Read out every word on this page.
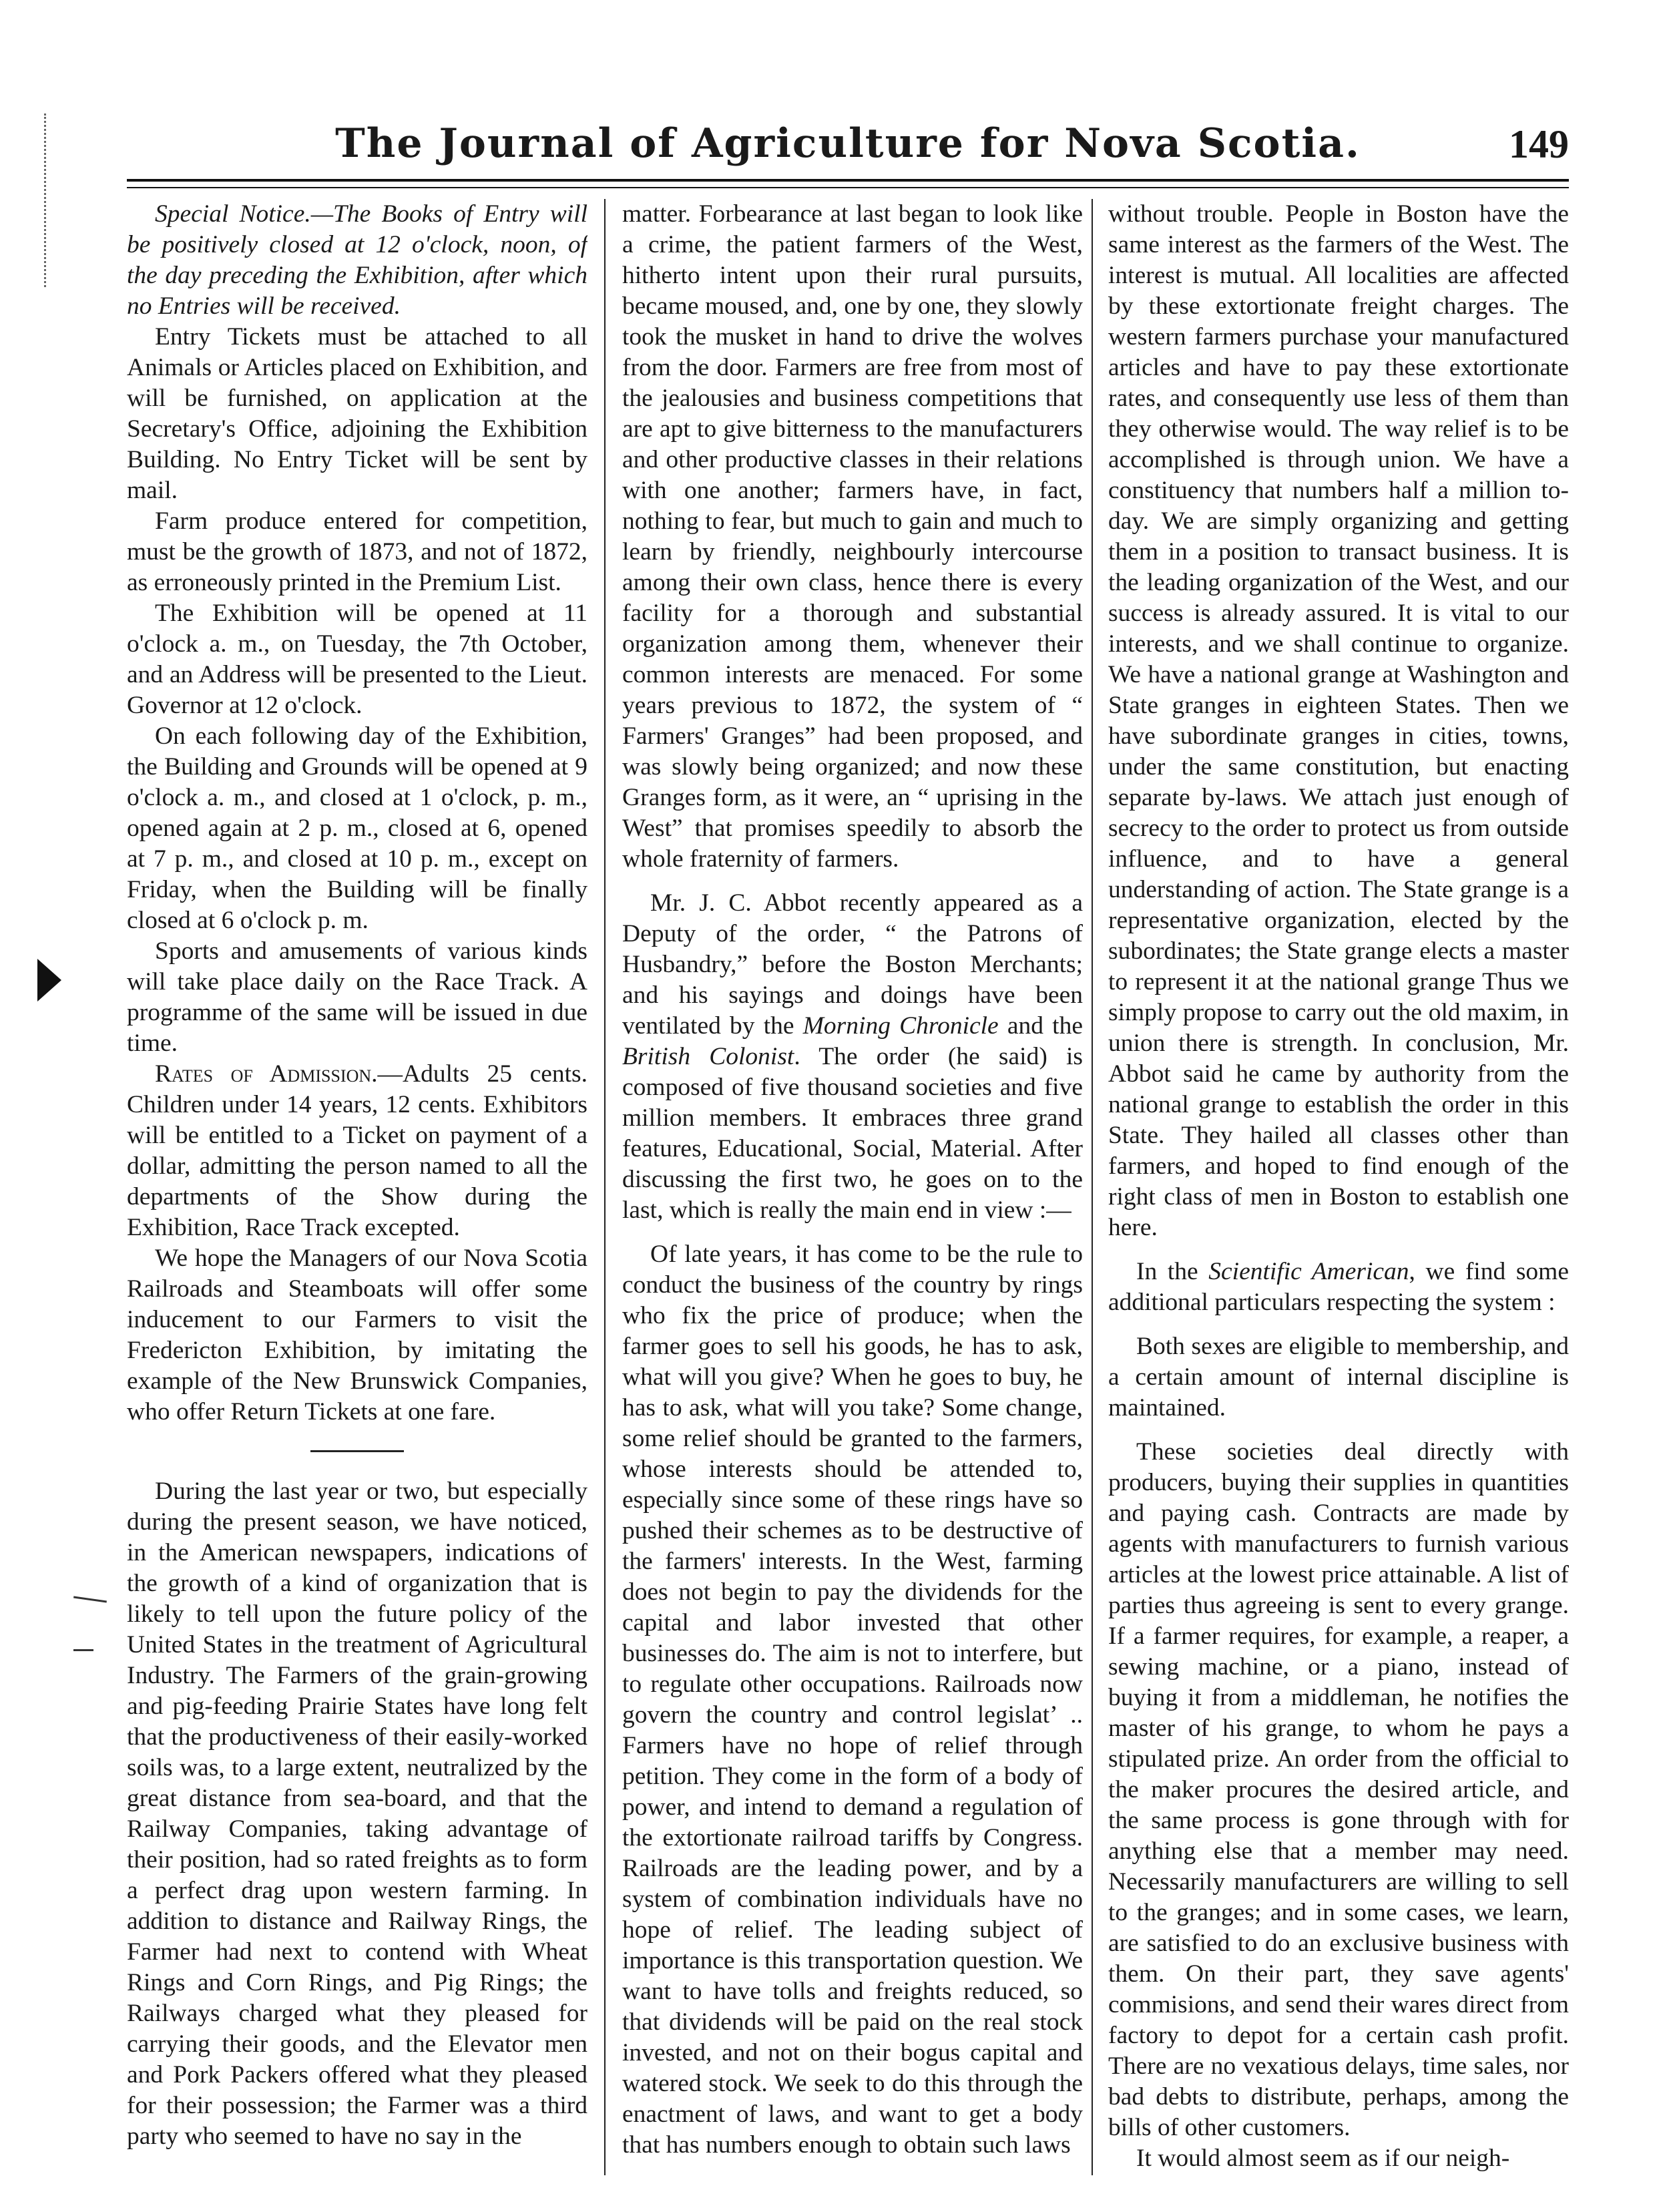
The Journal of Agriculture for Nova Scotia.	149

Special Notice.—The Books of Entry will be positively closed at 12 o'clock, noon, of the day preceding the Exhibition, after which no Entries will be received.

Entry Tickets must be attached to all Animals or Articles placed on Exhibition, and will be furnished, on application at the Secretary's Office, adjoining the Exhibition Building. No Entry Ticket will be sent by mail.

Farm produce entered for competition, must be the growth of 1873, and not of 1872, as erroneously printed in the Premium List.

The Exhibition will be opened at 11 o'clock a. m., on Tuesday, the 7th October, and an Address will be presented to the Lieut. Governor at 12 o'clock.

On each following day of the Exhibition, the Building and Grounds will be opened at 9 o'clock a. m., and closed at 1 o'clock, p. m., opened again at 2 p. m., closed at 6, opened at 7 p. m., and closed at 10 p. m., except on Friday, when the Building will be finally closed at 6 o'clock p. m.

Sports and amusements of various kinds will take place daily on the Race Track. A programme of the same will be issued in due time.

Rates of Admission.—Adults 25 cents. Children under 14 years, 12 cents. Exhibitors will be entitled to a Ticket on payment of a dollar, admitting the person named to all the departments of the Show during the Exhibition, Race Track excepted.

We hope the Managers of our Nova Scotia Railroads and Steamboats will offer some inducement to our Farmers to visit the Fredericton Exhibition, by imitating the example of the New Brunswick Companies, who offer Return Tickets at one fare.

During the last year or two, but especially during the present season, we have noticed, in the American newspapers, indications of the growth of a kind of organization that is likely to tell upon the future policy of the United States in the treatment of Agricultural Industry. The Farmers of the grain-growing and pig-feeding Prairie States have long felt that the productiveness of their easily-worked soils was, to a large extent, neutralized by the great distance from sea-board, and that the Railway Companies, taking advantage of their position, had so rated freights as to form a perfect drag upon western farming. In addition to distance and Railway Rings, the Farmer had next to contend with Wheat Rings and Corn Rings, and Pig Rings; the Railways charged what they pleased for carrying their goods, and the Elevator men and Pork Packers offered what they pleased for their possession; the Farmer was a third party who seemed to have no say in the

matter. Forbearance at last began to look like a crime, the patient farmers of the West, hitherto intent upon their rural pursuits, became moused, and, one by one, they slowly took the musket in hand to drive the wolves from the door. Farmers are free from most of the jealousies and business competitions that are apt to give bitterness to the manufacturers and other productive classes in their relations with one another; farmers have, in fact, nothing to fear, but much to gain and much to learn by friendly, neighbourly intercourse among their own class, hence there is every facility for a thorough and substantial organization among them, whenever their common interests are menaced. For some years previous to 1872, the system of “ Farmers' Granges” had been proposed, and was slowly being organized; and now these Granges form, as it were, an “ uprising in the West” that promises speedily to absorb the whole fraternity of farmers.

Mr. J. C. Abbot recently appeared as a Deputy of the order, “ the Patrons of Husbandry,” before the Boston Merchants; and his sayings and doings have been ventilated by the Morning Chronicle and the British Colonist. The order (he said) is composed of five thousand societies and five million members. It embraces three grand features, Educational, Social, Material. After discussing the first two, he goes on to the last, which is really the main end in view :—

Of late years, it has come to be the rule to conduct the business of the country by rings who fix the price of produce; when the farmer goes to sell his goods, he has to ask, what will you give? When he goes to buy, he has to ask, what will you take? Some change, some relief should be granted to the farmers, whose interests should be attended to, especially since some of these rings have so pushed their schemes as to be destructive of the farmers' interests. In the West, farming does not begin to pay the dividends for the capital and labor invested that other businesses do. The aim is not to interfere, but to regulate other occupations. Railroads now govern the country and control legislat’ .. Farmers have no hope of relief through petition. They come in the form of a body of power, and intend to demand a regulation of the extortionate railroad tariffs by Congress. Railroads are the leading power, and by a system of combination individuals have no hope of relief. The leading subject of importance is this transportation question. We want to have tolls and freights reduced, so that dividends will be paid on the real stock invested, and not on their bogus capital and watered stock. We seek to do this through the enactment of laws, and want to get a body that has numbers enough to obtain such laws

without trouble. People in Boston have the same interest as the farmers of the West. The interest is mutual. All localities are affected by these extortionate freight charges. The western farmers purchase your manufactured articles and have to pay these extortionate rates, and consequently use less of them than they otherwise would. The way relief is to be accomplished is through union. We have a constituency that numbers half a million to-day. We are simply organizing and getting them in a position to transact business. It is the leading organization of the West, and our success is already assured. It is vital to our interests, and we shall continue to organize. We have a national grange at Washington and State granges in eighteen States. Then we have subordinate granges in cities, towns, under the same constitution, but enacting separate by-laws. We attach just enough of secrecy to the order to protect us from outside influence, and to have a general understanding of action. The State grange is a representative organization, elected by the subordinates; the State grange elects a master to represent it at the national grange Thus we simply propose to carry out the old maxim, in union there is strength. In conclusion, Mr. Abbot said he came by authority from the national grange to establish the order in this State. They hailed all classes other than farmers, and hoped to find enough of the right class of men in Boston to establish one here.

In the Scientific American, we find some additional particulars respecting the system :

Both sexes are eligible to membership, and a certain amount of internal discipline is maintained.

These societies deal directly with producers, buying their supplies in quantities and paying cash. Contracts are made by agents with manufacturers to furnish various articles at the lowest price attainable. A list of parties thus agreeing is sent to every grange. If a farmer requires, for example, a reaper, a sewing machine, or a piano, instead of buying it from a middleman, he notifies the master of his grange, to whom he pays a stipulated prize. An order from the official to the maker procures the desired article, and the same process is gone through with for anything else that a member may need. Necessarily manufacturers are willing to sell to the granges; and in some cases, we learn, are satisfied to do an exclusive business with them. On their part, they save agents' commisions, and send their wares direct from factory to depot for a certain cash profit. There are no vexatious delays, time sales, nor bad debts to distribute, perhaps, among the bills of other customers.

It would almost seem as if our neigh-
